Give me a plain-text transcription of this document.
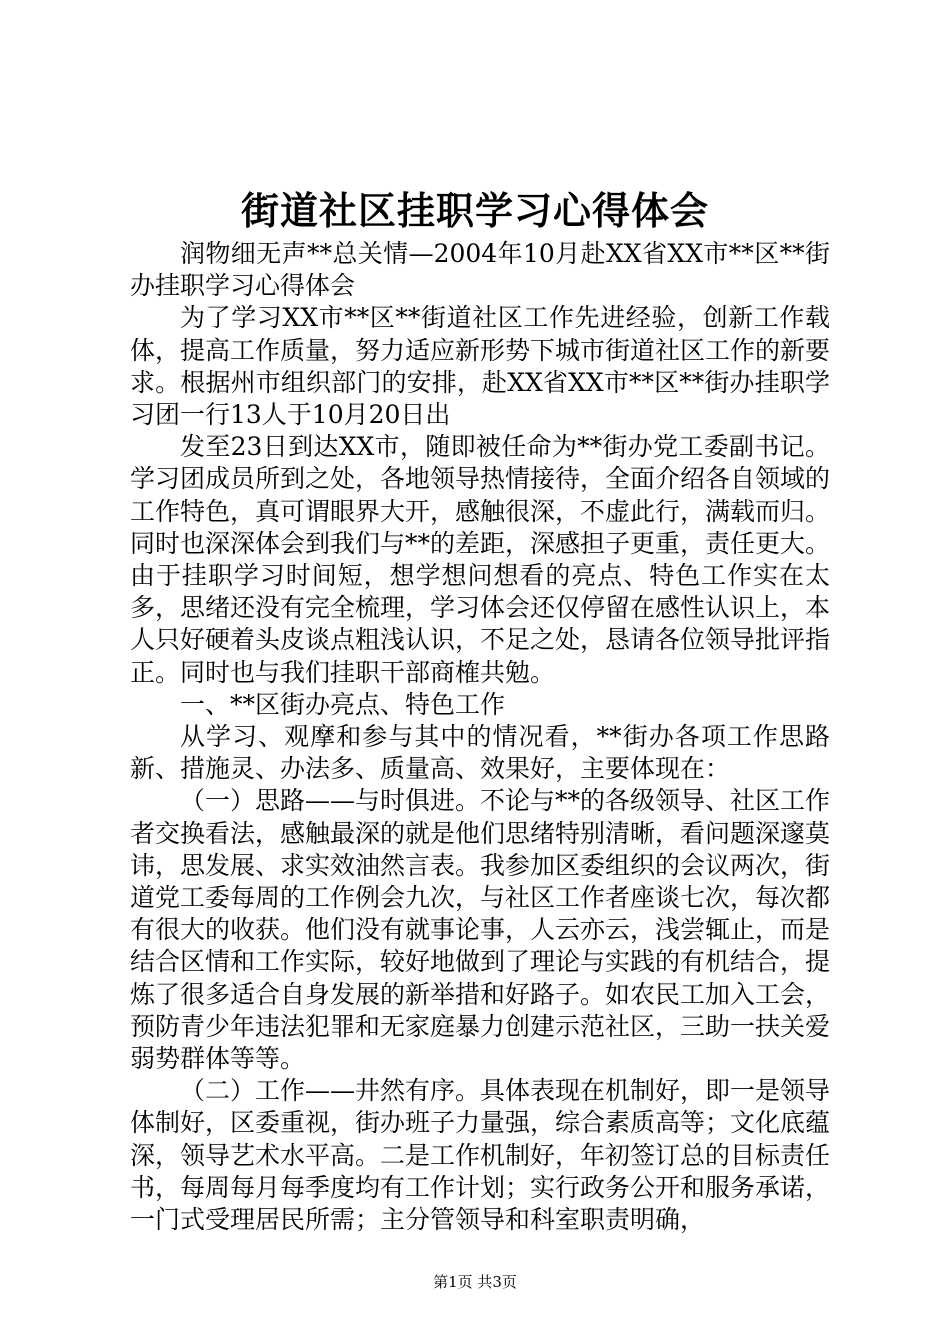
街道社区挂职学习心得体会

润物细无声**总关情—2004年10月赴XX省XX市**区**街办挂职学习心得体会

为了学习XX市**区**街道社区工作先进经验，创新工作载体，提高工作质量，努力适应新形势下城市街道社区工作的新要求。根据州市组织部门的安排，赴XX省XX市**区**街办挂职学习团一行13人于10月20日出

发至23日到达XX市，随即被任命为**街办党工委副书记。学习团成员所到之处，各地领导热情接待，全面介绍各自领域的工作特色，真可谓眼界大开，感触很深，不虚此行，满载而归。同时也深深体会到我们与**的差距，深感担子更重，责任更大。由于挂职学习时间短，想学想问想看的亮点、特色工作实在太多，思绪还没有完全梳理，学习体会还仅停留在感性认识上，本人只好硬着头皮谈点粗浅认识，不足之处，恳请各位领导批评指正。同时也与我们挂职干部商榷共勉。

一、**区街办亮点、特色工作

从学习、观摩和参与其中的情况看，**街办各项工作思路新、措施灵、办法多、质量高、效果好，主要体现在：

（一）思路——与时俱进。不论与**的各级领导、社区工作者交换看法，感触最深的就是他们思绪特别清晰，看问题深邃莫讳，思发展、求实效油然言表。我参加区委组织的会议两次，街道党工委每周的工作例会九次，与社区工作者座谈七次，每次都有很大的收获。他们没有就事论事，人云亦云，浅尝辄止，而是结合区情和工作实际，较好地做到了理论与实践的有机结合，提炼了很多适合自身发展的新举措和好路子。如农民工加入工会，预防青少年违法犯罪和无家庭暴力创建示范社区，三助一扶关爱弱势群体等等。

（二）工作——井然有序。具体表现在机制好，即一是领导体制好，区委重视，街办班子力量强，综合素质高等；文化底蕴深，领导艺术水平高。二是工作机制好，年初签订总的目标责任书，每周每月每季度均有工作计划；实行政务公开和服务承诺，一门式受理居民所需；主分管领导和科室职责明确，

第1页 共3页
